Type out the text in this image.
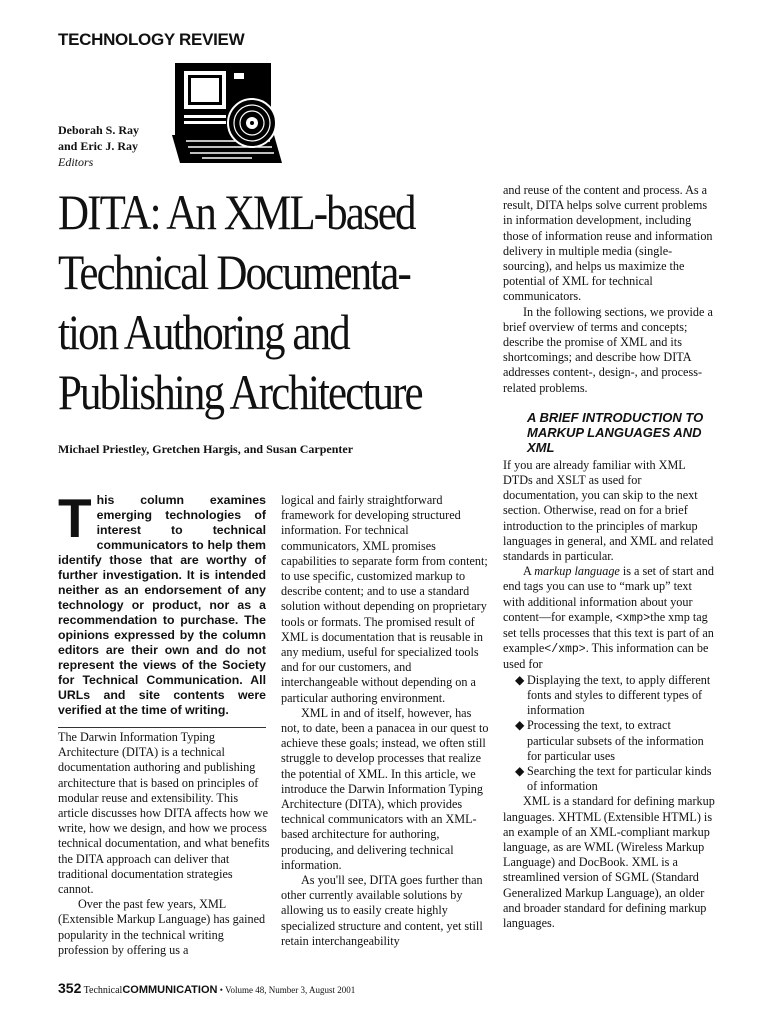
TECHNOLOGY REVIEW
Deborah S. Ray
and Eric J. Ray
Editors
DITA: An XML-based
Technical Documenta-
tion Authoring and
Publishing Architecture
Michael Priestley, Gretchen Hargis, and Susan Carpenter

This column examines emerging technologies of interest to technical communicators to help them identify those that are worthy of further investigation. It is intended neither as an endorsement of any technology or product, nor as a recommendation to purchase. The opinions expressed by the column editors are their own and do not represent the views of the Society for Technical Communication. All URLs and site contents were verified at the time of writing.

The Darwin Information Typing Architecture (DITA) is a technical documentation authoring and publishing architecture that is based on principles of modular reuse and extensibility. This article discusses how DITA affects how we write, how we design, and how we process technical documentation, and what benefits the DITA approach can deliver that traditional documentation strategies cannot.

Over the past few years, XML (Extensible Markup Language) has gained popularity in the technical writing profession by offering us a

logical and fairly straightforward framework for developing structured information. For technical communicators, XML promises capabilities to separate form from content; to use specific, customized markup to describe content; and to use a standard solution without depending on proprietary tools or formats. The promised result of XML is documentation that is reusable in any medium, useful for specialized tools and for our customers, and interchangeable without depending on a particular authoring environment.

XML in and of itself, however, has not, to date, been a panacea in our quest to achieve these goals; instead, we often still struggle to develop processes that realize the potential of XML. In this article, we introduce the Darwin Information Typing Architecture (DITA), which provides technical communicators with an XML-based architecture for authoring, producing, and delivering technical information.

As you'll see, DITA goes further than other currently available solutions by allowing us to easily create highly specialized structure and content, yet still retain interchangeability

and reuse of the content and process. As a result, DITA helps solve current problems in information development, including those of information reuse and information delivery in multiple media (single-sourcing), and helps us maximize the potential of XML for technical communicators.

In the following sections, we provide a brief overview of terms and concepts; describe the promise of XML and its shortcomings; and describe how DITA addresses content-, design-, and process-related problems.

A BRIEF INTRODUCTION TO MARKUP LANGUAGES AND XML

If you are already familiar with XML DTDs and XSLT as used for documentation, you can skip to the next section. Otherwise, read on for a brief introduction to the principles of markup languages in general, and XML and related standards in particular.

A markup language is a set of start and end tags you can use to “mark up” text with additional information about your content—for example, <xmp>the xmp tag set tells processes that this text is part of an example</xmp>. This information can be used for

◆ Displaying the text, to apply different fonts and styles to different types of information

◆ Processing the text, to extract particular subsets of the information for particular uses

◆ Searching the text for particular kinds of information

XML is a standard for defining markup languages. XHTML (Extensible HTML) is an example of an XML-compliant markup language, as are WML (Wireless Markup Language) and DocBook. XML is a streamlined version of SGML (Standard Generalized Markup Language), an older and broader standard for defining markup languages.

352 TechnicalCOMMUNICATION • Volume 48, Number 3, August 2001
